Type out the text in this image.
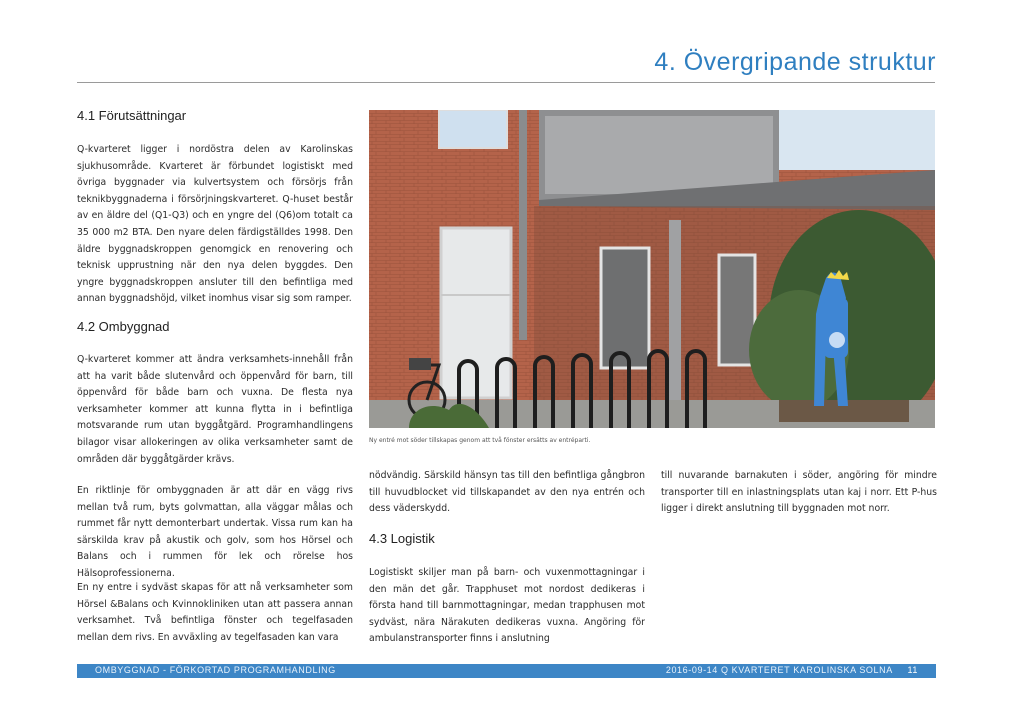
4. Övergripande struktur
4.1 Förutsättningar

Q-kvarteret ligger i nordöstra delen av Karolinskas sjukhusområde. Kvarteret är förbundet logistiskt med övriga byggnader via kulvertsystem och försörjs från teknikbyggnaderna i försörjningskvarteret. Q-huset består av en äldre del (Q1-Q3) och en yngre del (Q6)om totalt ca 35 000 m2 BTA. Den nyare delen färdigställdes 1998. Den äldre byggnadskroppen genomgick en renovering och teknisk upprustning när den nya delen byggdes. Den yngre byggnadskroppen ansluter till den befintliga med annan byggnadshöjd, vilket inomhus visar sig som ramper.

4.2 Ombyggnad

Q-kvarteret kommer att ändra verksamhets-innehåll från att ha varit både slutenvård och öppenvård för barn, till öppenvård för både barn och vuxna. De flesta nya verksamheter kommer att kunna flytta in i befintliga motsvarande rum utan byggåtgärd. Programhandlingens bilagor visar allokeringen av olika verksamheter samt de områden där byggåtgärder krävs.

En riktlinje för ombyggnaden är att där en vägg rivs mellan två rum, byts golvmattan, alla väggar målas och rummet får nytt demonterbart undertak. Vissa rum kan ha särskilda krav på akustik och golv, som hos Hörsel och Balans och i rummen för lek och rörelse hos Hälsoprofessionerna.

En ny entre i sydväst skapas för att nå verksamheter som Hörsel &Balans och Kvinnokliniken utan att passera annan verksamhet. Två befintliga fönster och tegelfasaden mellan dem rivs. En avväxling av tegelfasaden kan vara

Ny entré mot söder tillskapas genom att två fönster ersätts av entréparti.

nödvändig. Särskild hänsyn tas till den befintliga gångbron till huvudblocket vid tillskapandet av den nya entrén och dess väderskydd.

4.3 Logistik

Logistiskt skiljer man på barn- och vuxenmottagningar i den män det går. Trapphuset mot nordost dedikeras i första hand till barnmottagningar, medan trapphusen mot sydväst, nära Närakuten dedikeras vuxna. Angöring för ambulanstransporter finns i anslutning

till nuvarande barnakuten i söder, angöring för mindre transporter till en inlastningsplats utan kaj i norr. Ett P-hus ligger i direkt anslutning till byggnaden mot norr.

OMBYGGNAD - FÖRKORTAD PROGRAMHANDLING	2016-09-14 Q KVARTERET KAROLINSKA SOLNA 11
